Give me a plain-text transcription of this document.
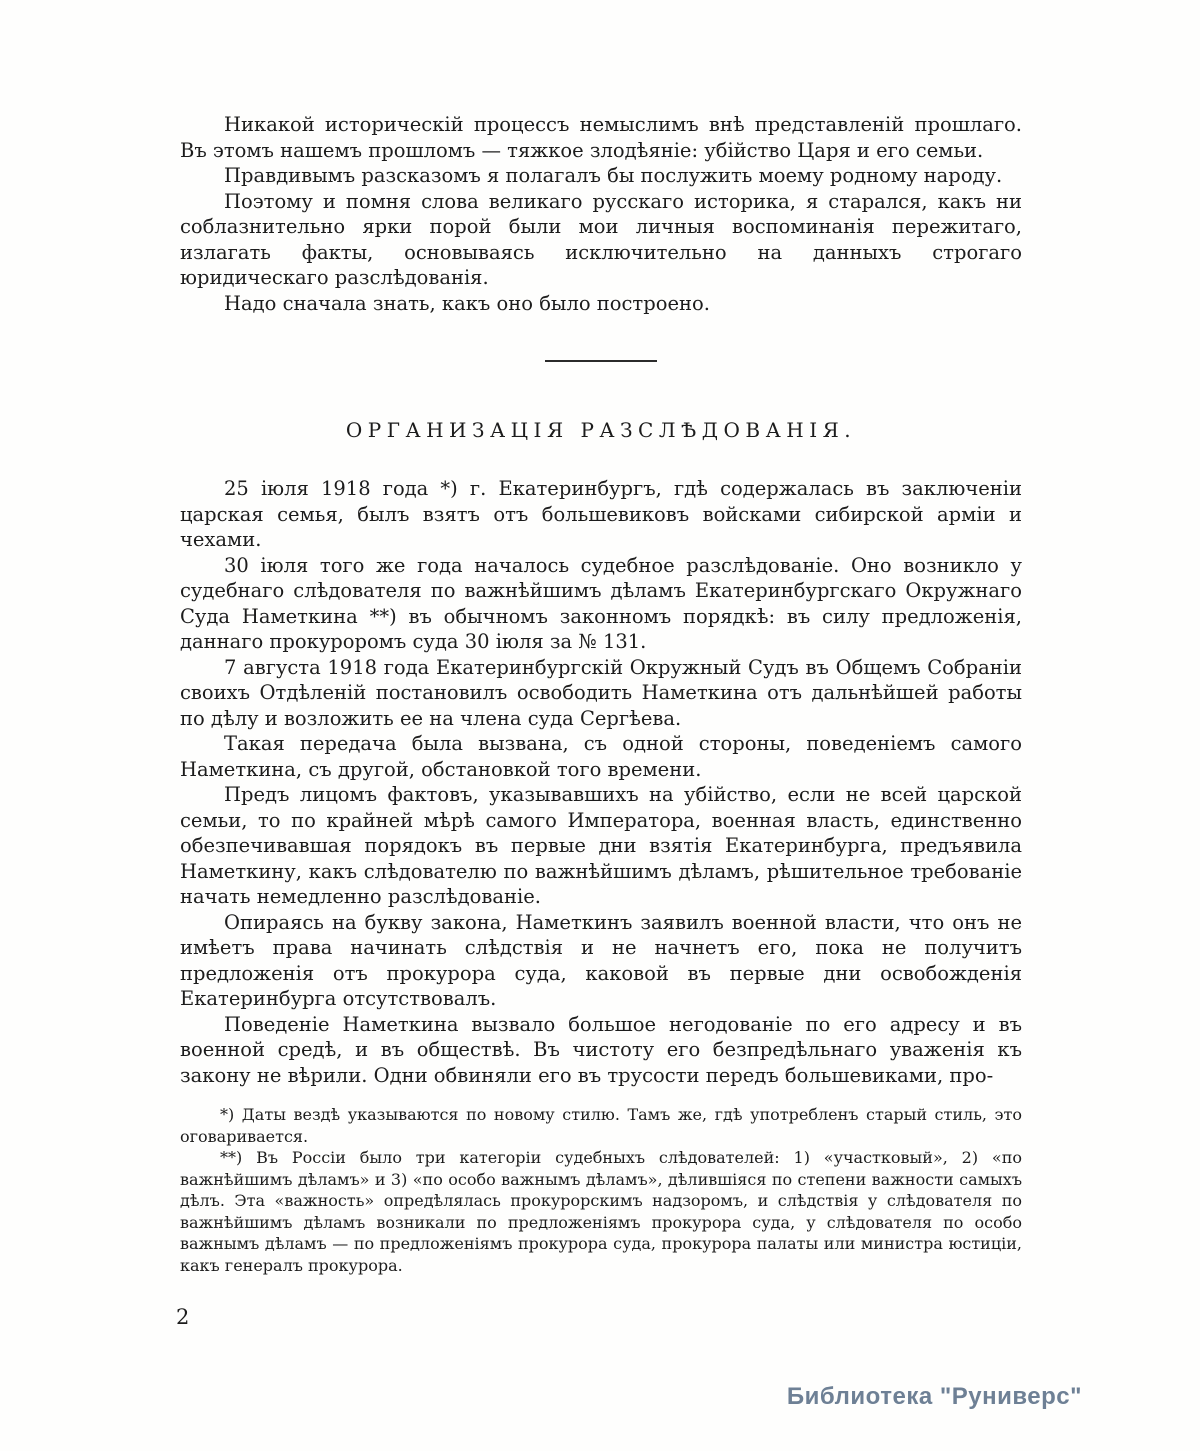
Никакой историческій процессъ немыслимъ внѣ представленій прошлаго. Въ этомъ нашемъ прошломъ — тяжкое злодѣяніе: убійство Царя и его семьи.

Правдивымъ разсказомъ я полагалъ бы послужить моему родному народу.

Поэтому и помня слова великаго русскаго историка, я старался, какъ ни соблазнительно ярки порой были мои личныя воспоминанія пережитаго, излагать факты, основываясь исключительно на данныхъ строгаго юридическаго разслѣдованія.

Надо сначала знать, какъ оно было построено.

ОРГАНИЗАЦІЯ РАЗСЛѢДОВАНІЯ.

25 іюля 1918 года *) г. Екатеринбургъ, гдѣ содержалась въ заключеніи царская семья, былъ взятъ отъ большевиковъ войсками сибирской арміи и чехами.

30 іюля того же года началось судебное разслѣдованіе. Оно возникло у судебнаго слѣдователя по важнѣйшимъ дѣламъ Екатеринбургскаго Окружнаго Суда Наметкина **) въ обычномъ законномъ порядкѣ: въ силу предложенія, даннаго прокуроромъ суда 30 іюля за № 131.

7 августа 1918 года Екатеринбургскій Окружный Судъ въ Общемъ Собраніи своихъ Отдѣленій постановилъ освободить Наметкина отъ дальнѣйшей работы по дѣлу и возложить ее на члена суда Сергѣева.

Такая передача была вызвана, съ одной стороны, поведеніемъ самого Наметкина, съ другой, обстановкой того времени.

Предъ лицомъ фактовъ, указывавшихъ на убійство, если не всей царской семьи, то по крайней мѣрѣ самого Императора, военная власть, единственно обезпечивавшая порядокъ въ первые дни взятія Екатеринбурга, предъявила Наметкину, какъ слѣдователю по важнѣйшимъ дѣламъ, рѣшительное требованіе начать немедленно разслѣдованіе.

Опираясь на букву закона, Наметкинъ заявилъ военной власти, что онъ не имѣетъ права начинать слѣдствія и не начнетъ его, пока не получитъ предложенія отъ прокурора суда, каковой въ первые дни освобожденія Екатеринбурга отсутствовалъ.

Поведеніе Наметкина вызвало большое негодованіе по его адресу и въ военной средѣ, и въ обществѣ. Въ чистоту его безпредѣльнаго уваженія къ закону не вѣрили. Одни обвиняли его въ трусости передъ большевиками, про-

*) Даты вездѣ указываются по новому стилю. Тамъ же, гдѣ употребленъ старый стиль, это оговаривается.

**) Въ Россіи было три категоріи судебныхъ слѣдователей: 1) «участковый», 2) «по важнѣйшимъ дѣламъ» и 3) «по особо важнымъ дѣламъ», дѣлившіяся по степени важности самыхъ дѣлъ. Эта «важность» опредѣлялась прокурорскимъ надзоромъ, и слѣдствія у слѣдователя по важнѣйшимъ дѣламъ возникали по предложеніямъ прокурора суда, у слѣдователя по особо важнымъ дѣламъ — по предложеніямъ прокурора суда, прокурора палаты или министра юстиціи, какъ генералъ прокурора.

2
Библиотека "Руниверс"
